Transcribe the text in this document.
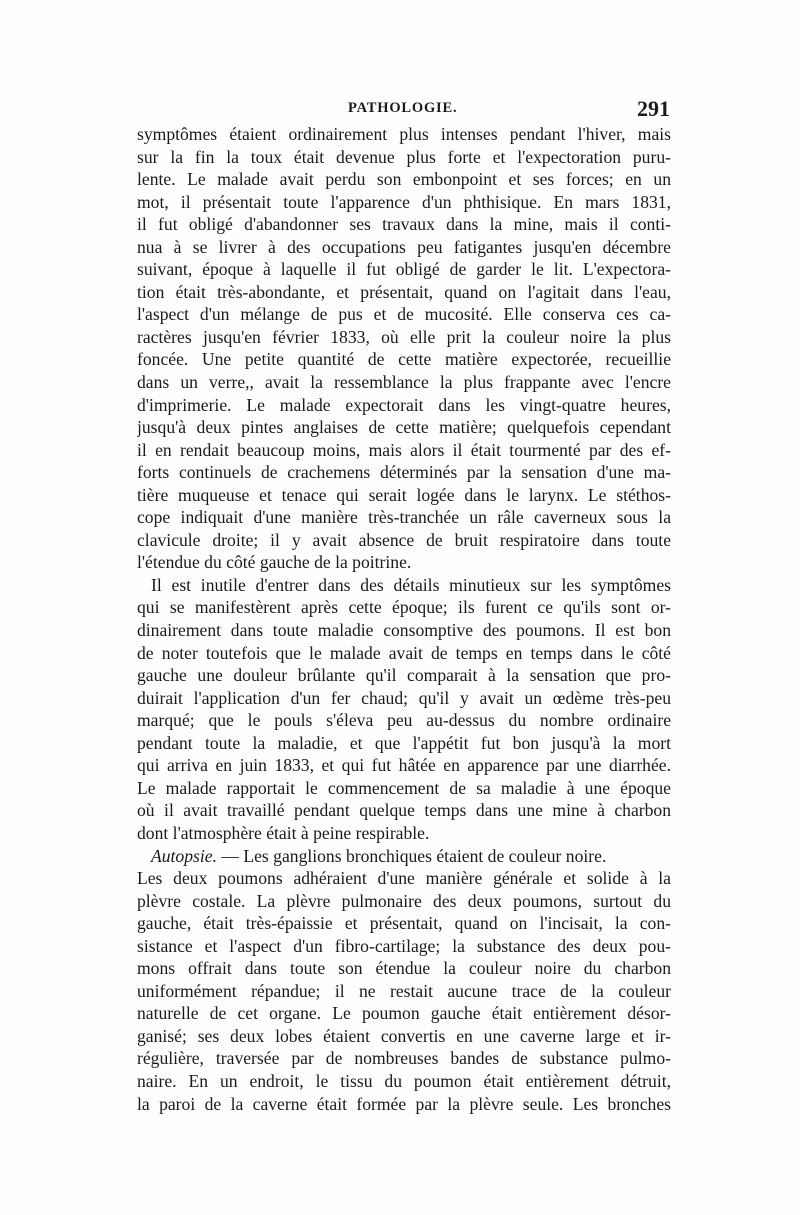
PATHOLOGIE.	291
symptômes étaient ordinairement plus intenses pendant l'hiver, mais
sur la fin la toux était devenue plus forte et l'expectoration puru-
lente. Le malade avait perdu son embonpoint et ses forces; en un
mot, il présentait toute l'apparence d'un phthisique. En mars 1831,
il fut obligé d'abandonner ses travaux dans la mine, mais il conti-
nua à se livrer à des occupations peu fatigantes jusqu'en décembre
suivant, époque à laquelle il fut obligé de garder le lit. L'expectora-
tion était très-abondante, et présentait, quand on l'agitait dans l'eau,
l'aspect d'un mélange de pus et de mucosité. Elle conserva ces ca-
ractères jusqu'en février 1833, où elle prit la couleur noire la plus
foncée. Une petite quantité de cette matière expectorée, recueillie
dans un verre,, avait la ressemblance la plus frappante avec l'encre
d'imprimerie. Le malade expectorait dans les vingt-quatre heures,
jusqu'à deux pintes anglaises de cette matière; quelquefois cependant
il en rendait beaucoup moins, mais alors il était tourmenté par des ef-
forts continuels de crachemens déterminés par la sensation d'une ma-
tière muqueuse et tenace qui serait logée dans le larynx. Le stéthos-
cope indiquait d'une manière très-tranchée un râle caverneux sous la
clavicule droite; il y avait absence de bruit respiratoire dans toute
l'étendue du côté gauche de la poitrine.
Il est inutile d'entrer dans des détails minutieux sur les symptômes
qui se manifestèrent après cette époque; ils furent ce qu'ils sont or-
dinairement dans toute maladie consomptive des poumons. Il est bon
de noter toutefois que le malade avait de temps en temps dans le côté
gauche une douleur brûlante qu'il comparait à la sensation que pro-
duirait l'application d'un fer chaud; qu'il y avait un œdème très-peu
marqué; que le pouls s'éleva peu au-dessus du nombre ordinaire
pendant toute la maladie, et que l'appétit fut bon jusqu'à la mort
qui arriva en juin 1833, et qui fut hâtée en apparence par une diarrhée.
Le malade rapportait le commencement de sa maladie à une époque
où il avait travaillé pendant quelque temps dans une mine à charbon
dont l'atmosphère était à peine respirable.
Autopsie. — Les ganglions bronchiques étaient de couleur noire.
Les deux poumons adhéraient d'une manière générale et solide à la
plèvre costale. La plèvre pulmonaire des deux poumons, surtout du
gauche, était très-épaissie et présentait, quand on l'incisait, la con-
sistance et l'aspect d'un fibro-cartilage; la substance des deux pou-
mons offrait dans toute son étendue la couleur noire du charbon
uniformément répandue; il ne restait aucune trace de la couleur
naturelle de cet organe. Le poumon gauche était entièrement désor-
ganisé; ses deux lobes étaient convertis en une caverne large et ir-
régulière, traversée par de nombreuses bandes de substance pulmo-
naire. En un endroit, le tissu du poumon était entièrement détruit,
la paroi de la caverne était formée par la plèvre seule. Les bronches
